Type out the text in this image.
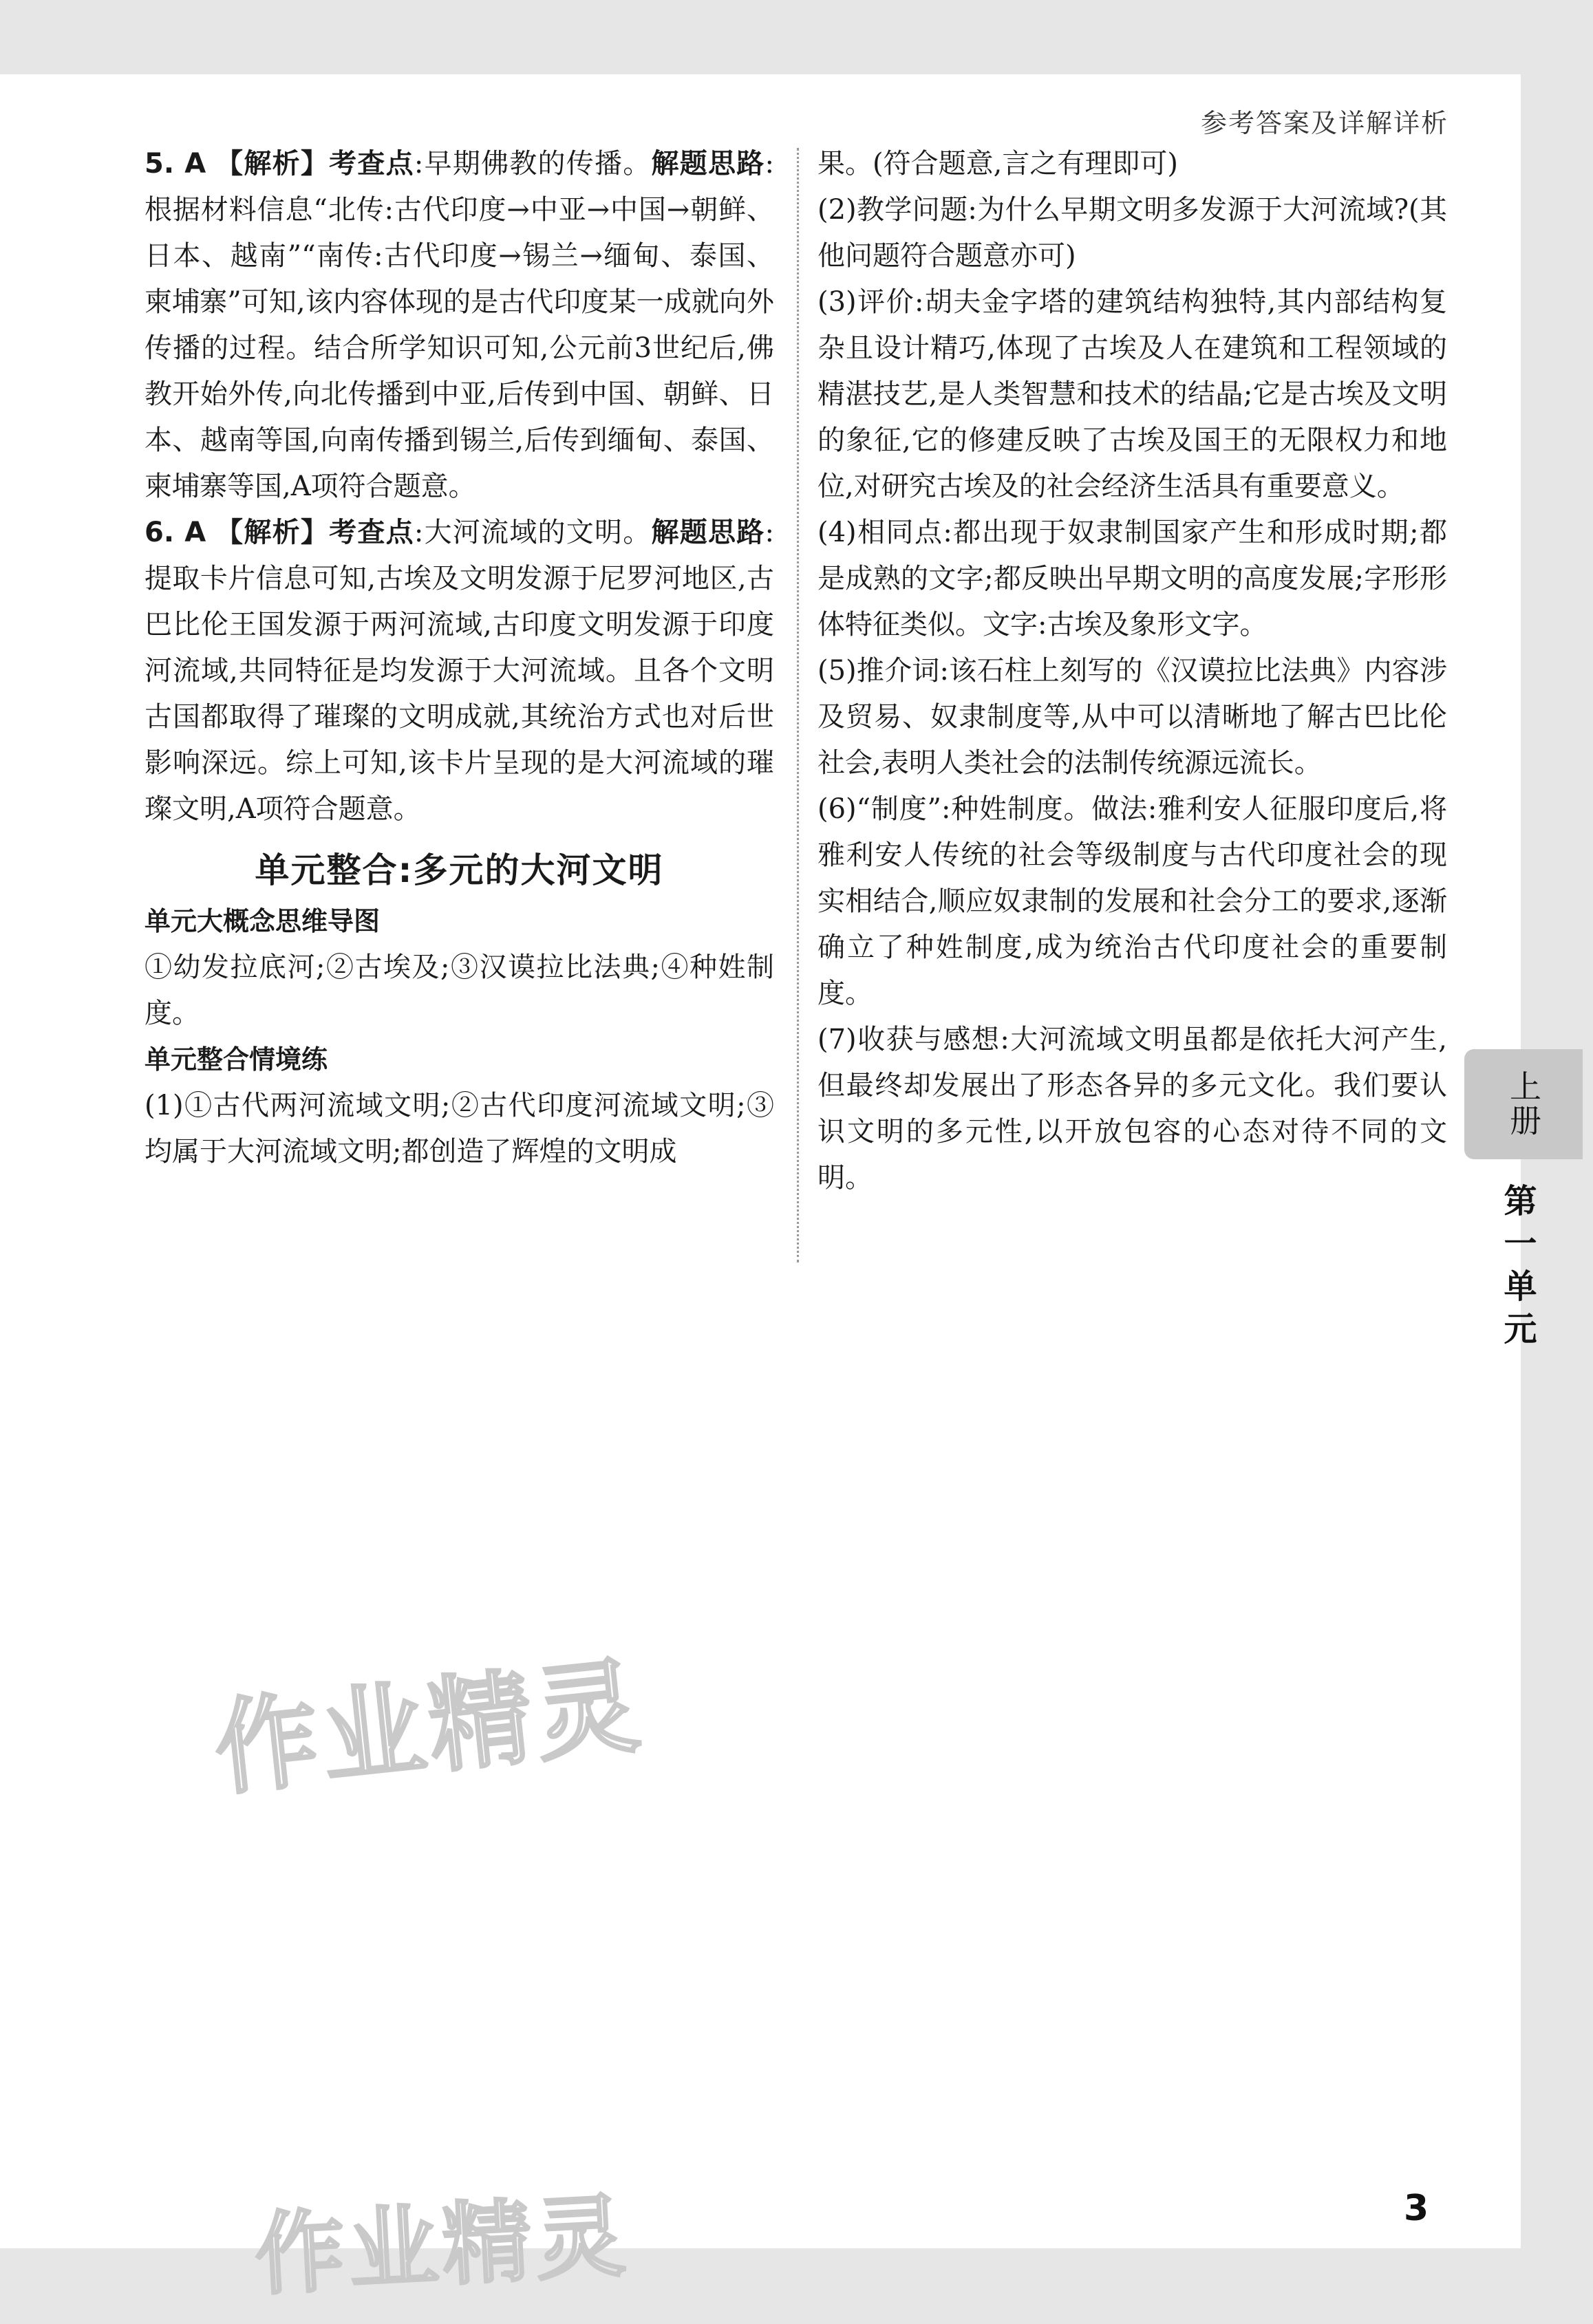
参考答案及详解详析

5. A 【解析】考查点:早期佛教的传播。解题思路:根据材料信息“北传:古代印度→中亚→中国→朝鲜、日本、越南”“南传:古代印度→锡兰→缅甸、泰国、柬埔寨”可知,该内容体现的是古代印度某一成就向外传播的过程。结合所学知识可知,公元前3世纪后,佛教开始外传,向北传播到中亚,后传到中国、朝鲜、日本、越南等国,向南传播到锡兰,后传到缅甸、泰国、柬埔寨等国,A项符合题意。

6. A 【解析】考查点:大河流域的文明。解题思路:提取卡片信息可知,古埃及文明发源于尼罗河地区,古巴比伦王国发源于两河流域,古印度文明发源于印度河流域,共同特征是均发源于大河流域。且各个文明古国都取得了璀璨的文明成就,其统治方式也对后世影响深远。综上可知,该卡片呈现的是大河流域的璀璨文明,A项符合题意。

单元整合:多元的大河文明

单元大概念思维导图

①幼发拉底河;②古埃及;③汉谟拉比法典;④种姓制度。

单元整合情境练

(1)①古代两河流域文明;②古代印度河流域文明;③均属于大河流域文明;都创造了辉煌的文明成

果。(符合题意,言之有理即可)

(2)教学问题:为什么早期文明多发源于大河流域?(其他问题符合题意亦可)

(3)评价:胡夫金字塔的建筑结构独特,其内部结构复杂且设计精巧,体现了古埃及人在建筑和工程领域的精湛技艺,是人类智慧和技术的结晶;它是古埃及文明的象征,它的修建反映了古埃及国王的无限权力和地位,对研究古埃及的社会经济生活具有重要意义。

(4)相同点:都出现于奴隶制国家产生和形成时期;都是成熟的文字;都反映出早期文明的高度发展;字形形体特征类似。文字:古埃及象形文字。

(5)推介词:该石柱上刻写的《汉谟拉比法典》内容涉及贸易、奴隶制度等,从中可以清晰地了解古巴比伦社会,表明人类社会的法制传统源远流长。

(6)“制度”:种姓制度。做法:雅利安人征服印度后,将雅利安人传统的社会等级制度与古代印度社会的现实相结合,顺应奴隶制的发展和社会分工的要求,逐渐确立了种姓制度,成为统治古代印度社会的重要制度。

(7)收获与感想:大河流域文明虽都是依托大河产生,但最终却发展出了形态各异的多元文化。我们要认识文明的多元性,以开放包容的心态对待不同的文明。

上册
第一单元
作业精灵
作业精灵	3
